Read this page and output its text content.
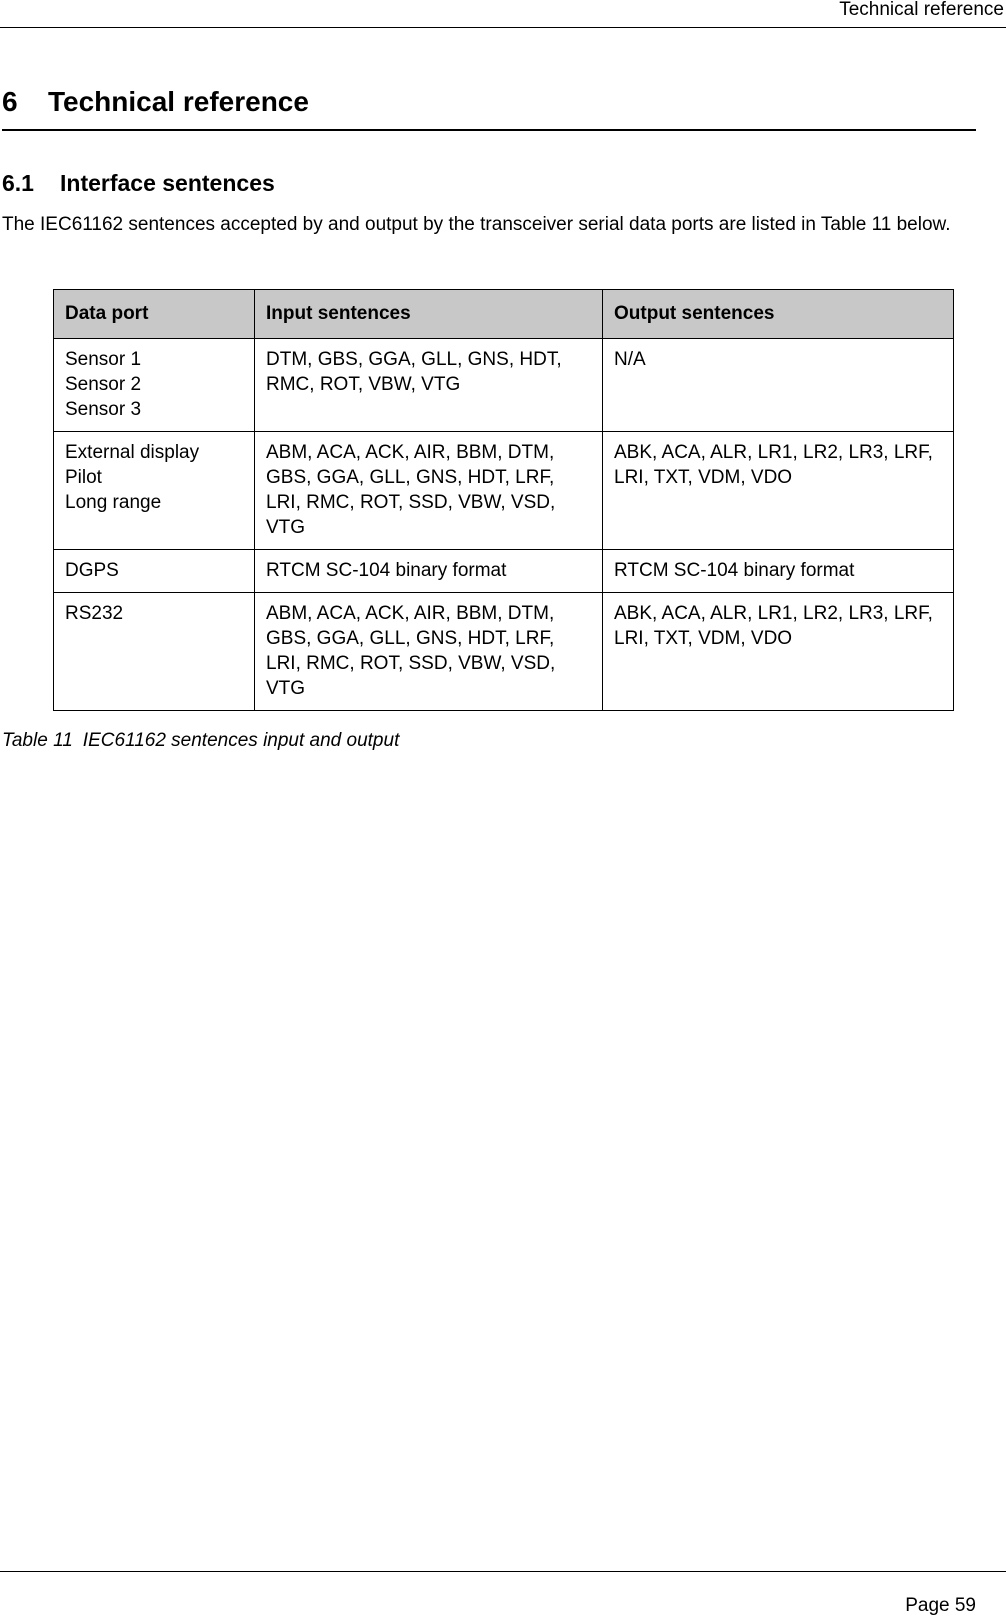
Technical reference
6 Technical reference
6.1 Interface sentences

The IEC61162 sentences accepted by and output by the transceiver serial data ports are listed in Table 11 below.

Data port	Input sentences	Output sentences

Sensor 1
Sensor 2
Sensor 3	DTM, GBS, GGA, GLL, GNS, HDT, RMC, ROT, VBW, VTG	N/A

External display
Pilot
Long range	ABM, ACA, ACK, AIR, BBM, DTM, GBS, GGA, GLL, GNS, HDT, LRF, LRI, RMC, ROT, SSD, VBW, VSD, VTG	ABK, ACA, ALR, LR1, LR2, LR3, LRF, LRI, TXT, VDM, VDO

DGPS	RTCM SC-104 binary format	RTCM SC-104 binary format

RS232	ABM, ACA, ACK, AIR, BBM, DTM, GBS, GGA, GLL, GNS, HDT, LRF, LRI, RMC, ROT, SSD, VBW, VSD, VTG	ABK, ACA, ALR, LR1, LR2, LR3, LRF, LRI, TXT, VDM, VDO
Table 11 IEC61162 sentences input and output
Page 59
